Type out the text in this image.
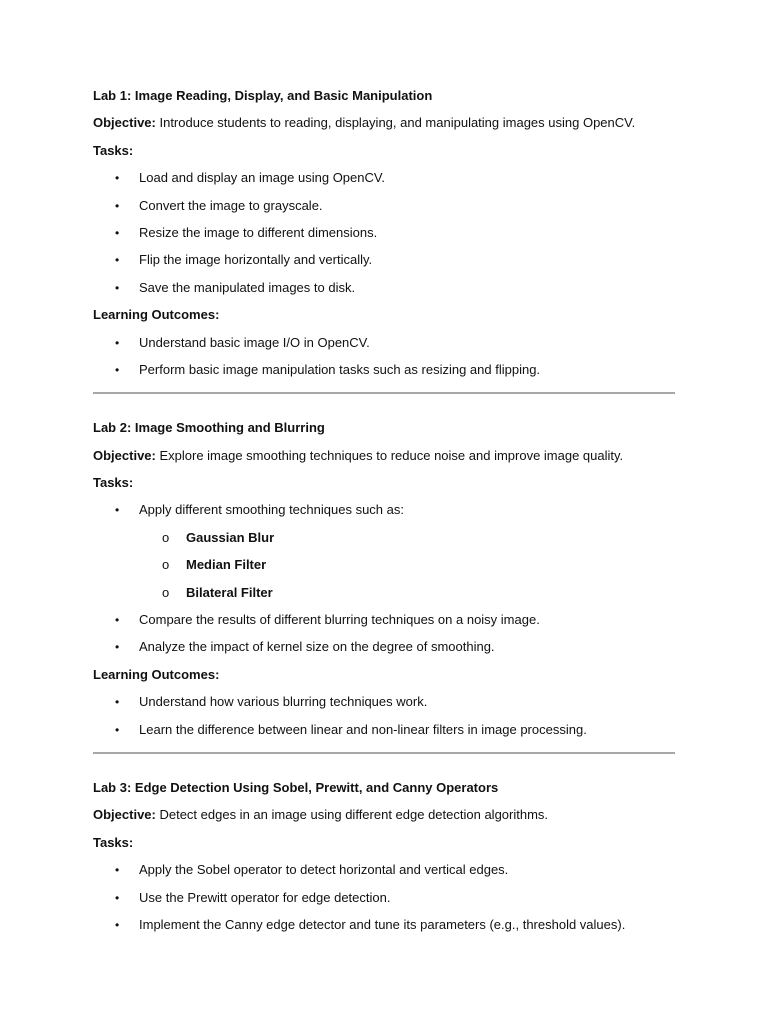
Lab 1: Image Reading, Display, and Basic Manipulation
Objective: Introduce students to reading, displaying, and manipulating images using OpenCV.
Tasks:
• Load and display an image using OpenCV.
• Convert the image to grayscale.
• Resize the image to different dimensions.
• Flip the image horizontally and vertically.
• Save the manipulated images to disk.
Learning Outcomes:
• Understand basic image I/O in OpenCV.
• Perform basic image manipulation tasks such as resizing and flipping.
Lab 2: Image Smoothing and Blurring
Objective: Explore image smoothing techniques to reduce noise and improve image quality.
Tasks:
• Apply different smoothing techniques such as:
o Gaussian Blur
o Median Filter
o Bilateral Filter
• Compare the results of different blurring techniques on a noisy image.
• Analyze the impact of kernel size on the degree of smoothing.
Learning Outcomes:
• Understand how various blurring techniques work.
• Learn the difference between linear and non-linear filters in image processing.
Lab 3: Edge Detection Using Sobel, Prewitt, and Canny Operators
Objective: Detect edges in an image using different edge detection algorithms.
Tasks:
• Apply the Sobel operator to detect horizontal and vertical edges.
• Use the Prewitt operator for edge detection.
• Implement the Canny edge detector and tune its parameters (e.g., threshold values).
